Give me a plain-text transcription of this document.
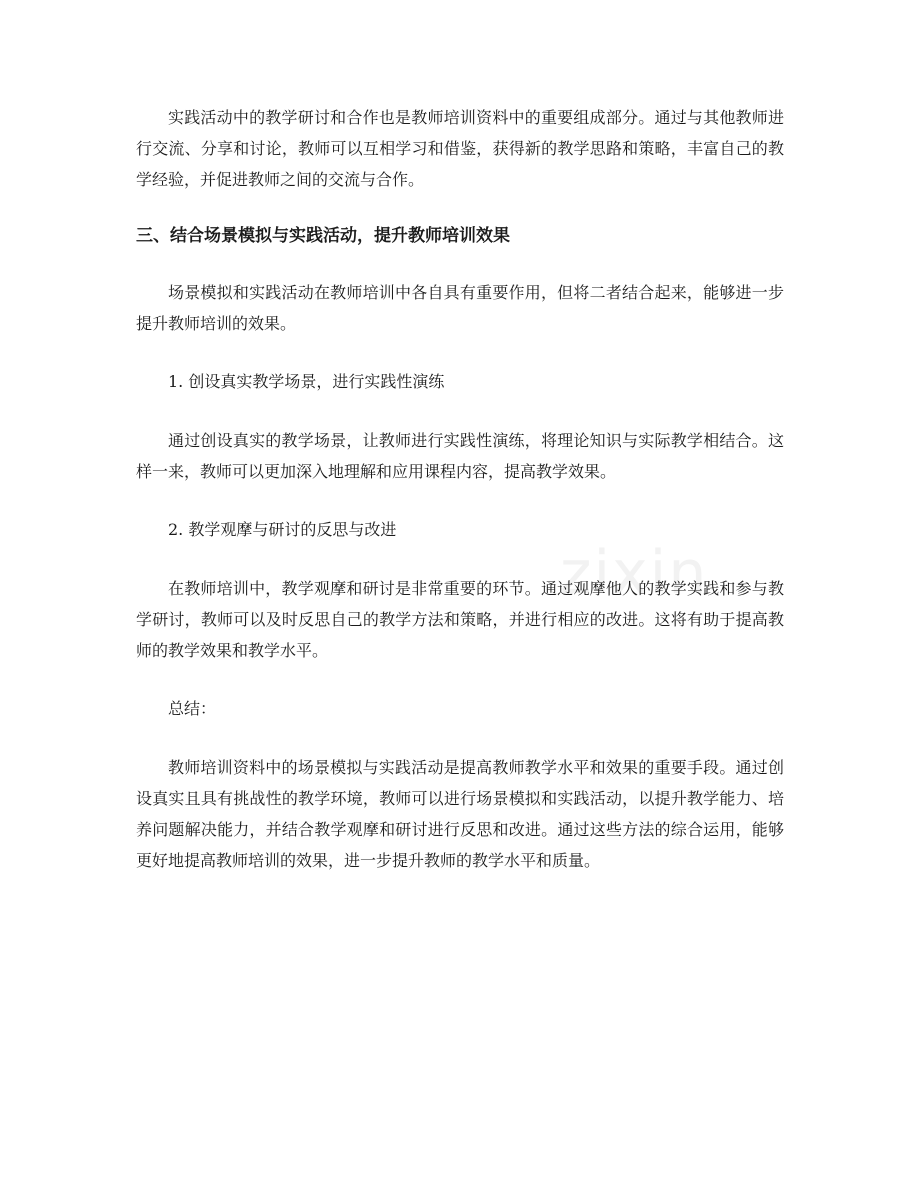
zixin

实践活动中的教学研讨和合作也是教师培训资料中的重要组成部分。通过与其他教师进行交流、分享和讨论，教师可以互相学习和借鉴，获得新的教学思路和策略，丰富自己的教学经验，并促进教师之间的交流与合作。

三、结合场景模拟与实践活动，提升教师培训效果

场景模拟和实践活动在教师培训中各自具有重要作用，但将二者结合起来，能够进一步提升教师培训的效果。

1. 创设真实教学场景，进行实践性演练

通过创设真实的教学场景，让教师进行实践性演练，将理论知识与实际教学相结合。这样一来，教师可以更加深入地理解和应用课程内容，提高教学效果。

2. 教学观摩与研讨的反思与改进

在教师培训中，教学观摩和研讨是非常重要的环节。通过观摩他人的教学实践和参与教学研讨，教师可以及时反思自己的教学方法和策略，并进行相应的改进。这将有助于提高教师的教学效果和教学水平。

总结：

教师培训资料中的场景模拟与实践活动是提高教师教学水平和效果的重要手段。通过创设真实且具有挑战性的教学环境，教师可以进行场景模拟和实践活动，以提升教学能力、培养问题解决能力，并结合教学观摩和研讨进行反思和改进。通过这些方法的综合运用，能够更好地提高教师培训的效果，进一步提升教师的教学水平和质量。
